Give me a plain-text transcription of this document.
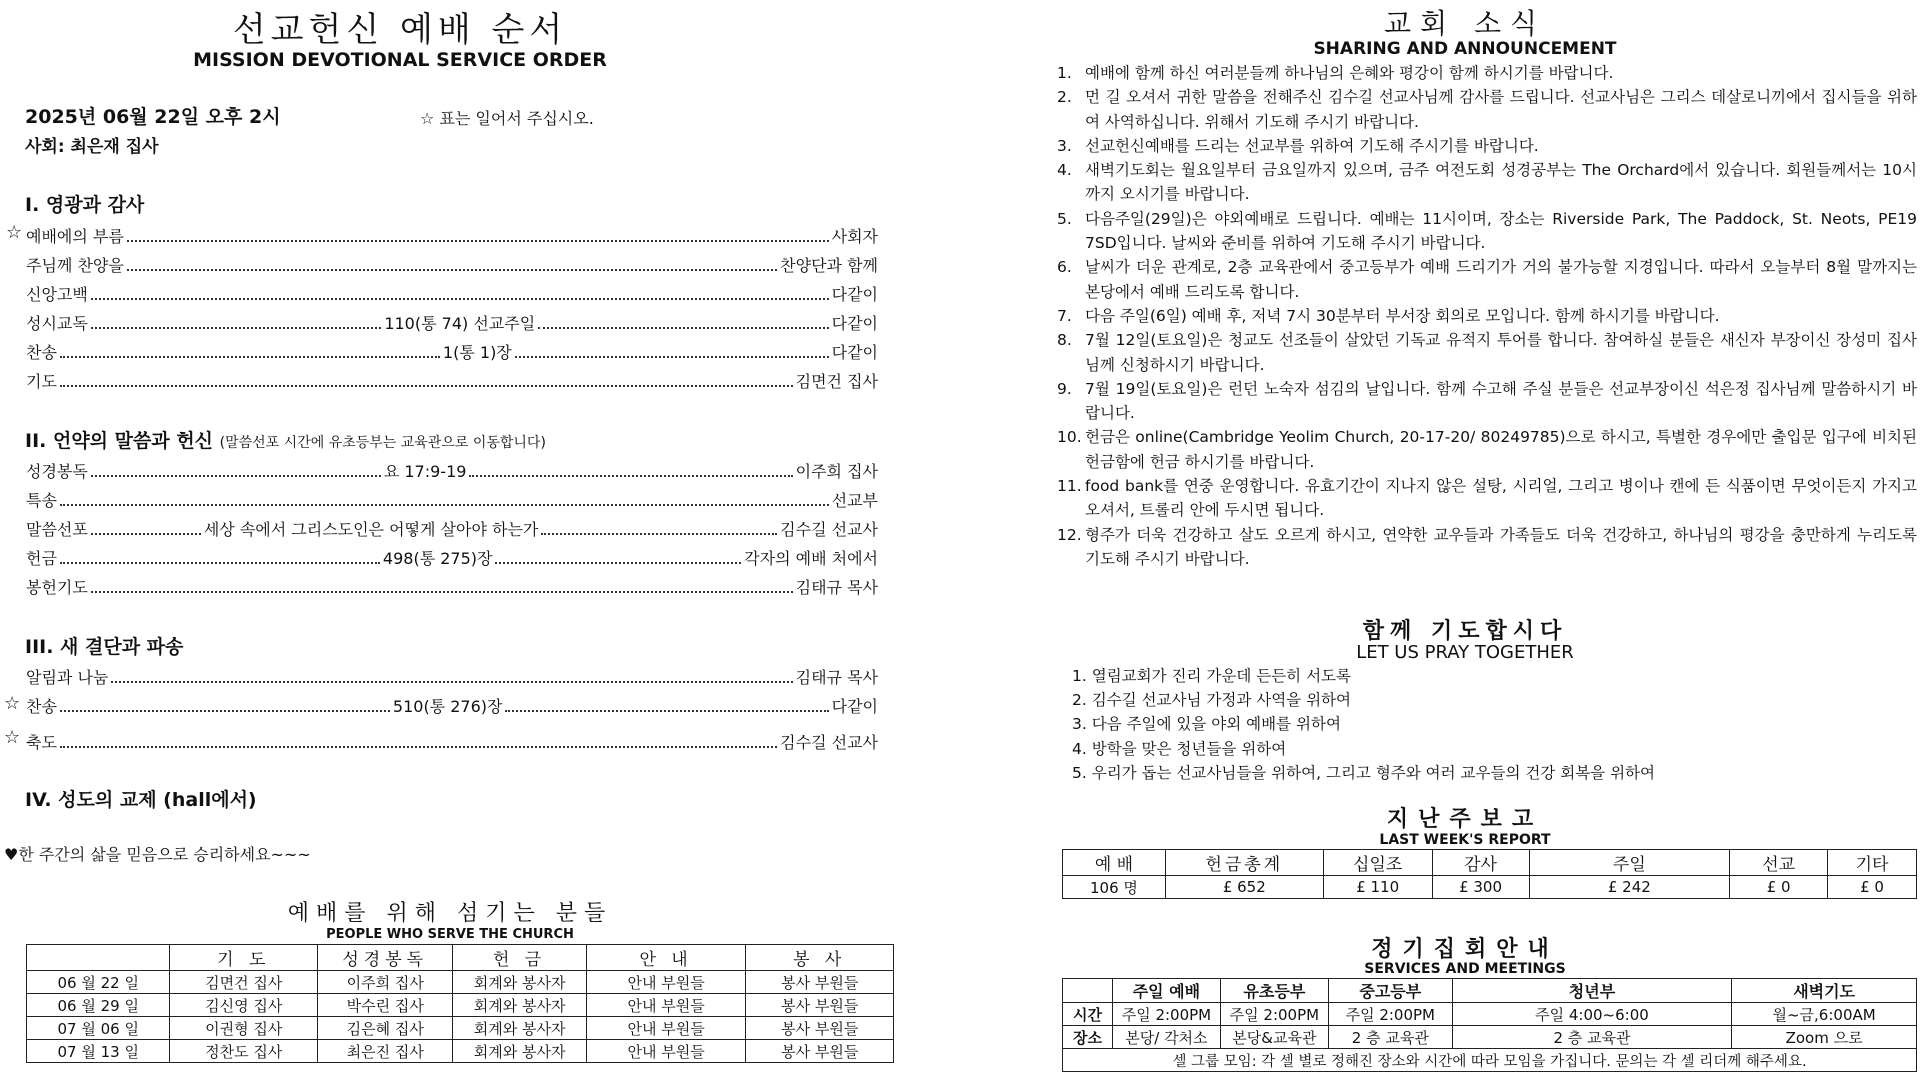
선교헌신 예배 순서
MISSION DEVOTIONAL SERVICE ORDER
2025년 06월 22일 오후 2시	☆ 표는 일어서 주십시오.
사회: 최은재 집사
I. 영광과 감사
☆ 예배에의 부름	사회자
주님께 찬양을	찬양단과 함께
신앙고백	다같이
성시교독	110(통 74) 선교주일	다같이
찬송	1(통 1)장	다같이
기도	김면건 집사
II. 언약의 말씀과 헌신 (말씀선포 시간에 유초등부는 교육관으로 이동합니다)
성경봉독	요 17:9-19	이주희 집사
특송	선교부
말씀선포	세상 속에서 그리스도인은 어떻게 살아야 하는가	김수길 선교사
헌금	498(통 275)장	각자의 예배 처에서
봉헌기도	김태규 목사
III. 새 결단과 파송
알림과 나눔	김태규 목사
☆ 찬송	510(통 276)장	다같이
☆ 축도	김수길 선교사
IV. 성도의 교제 (hall에서)
♥한 주간의 삶을 믿음으로 승리하세요~~~
예배를 위해 섬기는 분들
PEOPLE WHO SERVE THE CHURCH
	기 도	성경봉독	헌 금	안 내	봉 사
06 월 22 일	김면건 집사	이주희 집사	회계와 봉사자	안내 부원들	봉사 부원들
06 월 29 일	김신영 집사	박수린 집사	회계와 봉사자	안내 부원들	봉사 부원들
07 월 06 일	이권형 집사	김은혜 집사	회계와 봉사자	안내 부원들	봉사 부원들
07 월 13 일	정찬도 집사	최은진 집사	회계와 봉사자	안내 부원들	봉사 부원들
교회 소식
SHARING AND ANNOUNCEMENT
1. 예배에 함께 하신 여러분들께 하나님의 은혜와 평강이 함께 하시기를 바랍니다.
2. 먼 길 오셔서 귀한 말씀을 전해주신 김수길 선교사님께 감사를 드립니다. 선교사님은 그리스 데살로니끼에서 집시들을 위하여 사역하십니다. 위해서 기도해 주시기 바랍니다.
3. 선교헌신예배를 드리는 선교부를 위하여 기도해 주시기를 바랍니다.
4. 새벽기도회는 월요일부터 금요일까지 있으며, 금주 여전도회 성경공부는 The Orchard에서 있습니다. 회원들께서는 10시까지 오시기를 바랍니다.
5. 다음주일(29일)은 야외예배로 드립니다. 예배는 11시이며, 장소는 Riverside Park, The Paddock, St. Neots, PE19 7SD입니다. 날씨와 준비를 위하여 기도해 주시기 바랍니다.
6. 날씨가 더운 관계로, 2층 교육관에서 중고등부가 예배 드리기가 거의 불가능할 지경입니다. 따라서 오늘부터 8월 말까지는 본당에서 예배 드리도록 합니다.
7. 다음 주일(6일) 예배 후, 저녁 7시 30분부터 부서장 회의로 모입니다. 함께 하시기를 바랍니다.
8. 7월 12일(토요일)은 청교도 선조들이 살았던 기독교 유적지 투어를 합니다. 참여하실 분들은 새신자 부장이신 장성미 집사님께 신청하시기 바랍니다.
9. 7월 19일(토요일)은 런던 노숙자 섬김의 날입니다. 함께 수고해 주실 분들은 선교부장이신 석은정 집사님께 말씀하시기 바랍니다.
10. 헌금은 online(Cambridge Yeolim Church, 20-17-20/ 80249785)으로 하시고, 특별한 경우에만 출입문 입구에 비치된 헌금함에 헌금 하시기를 바랍니다.
11. food bank를 연중 운영합니다. 유효기간이 지나지 않은 설탕, 시리얼, 그리고 병이나 캔에 든 식품이면 무엇이든지 가지고 오셔서, 트롤리 안에 두시면 됩니다.
12. 형주가 더욱 건강하고 살도 오르게 하시고, 연약한 교우들과 가족들도 더욱 건강하고, 하나님의 평강을 충만하게 누리도록 기도해 주시기 바랍니다.
함께 기도합시다
LET US PRAY TOGETHER
1. 열림교회가 진리 가운데 든든히 서도록
2. 김수길 선교사님 가정과 사역을 위하여
3. 다음 주일에 있을 야외 예배를 위하여
4. 방학을 맞은 청년들을 위하여
5. 우리가 돕는 선교사님들을 위하여, 그리고 형주와 여러 교우들의 건강 회복을 위하여
지난주보고
LAST WEEK'S REPORT
예 배	헌금총계	십일조	감사	주일	선교	기타
106 명	£ 652	£ 110	£ 300	£ 242	£ 0	£ 0
정기집회안내
SERVICES AND MEETINGS
	주일 예배	유초등부	중고등부	청년부	새벽기도
시간	주일 2:00PM	주일 2:00PM	주일 2:00PM	주일 4:00~6:00	월~금,6:00AM
장소	본당/ 각처소	본당&교육관	2 층 교육관	2 층 교육관	Zoom 으로
셀 그룹 모임: 각 셀 별로 정해진 장소와 시간에 따라 모임을 가집니다. 문의는 각 셀 리더께 해주세요.					
